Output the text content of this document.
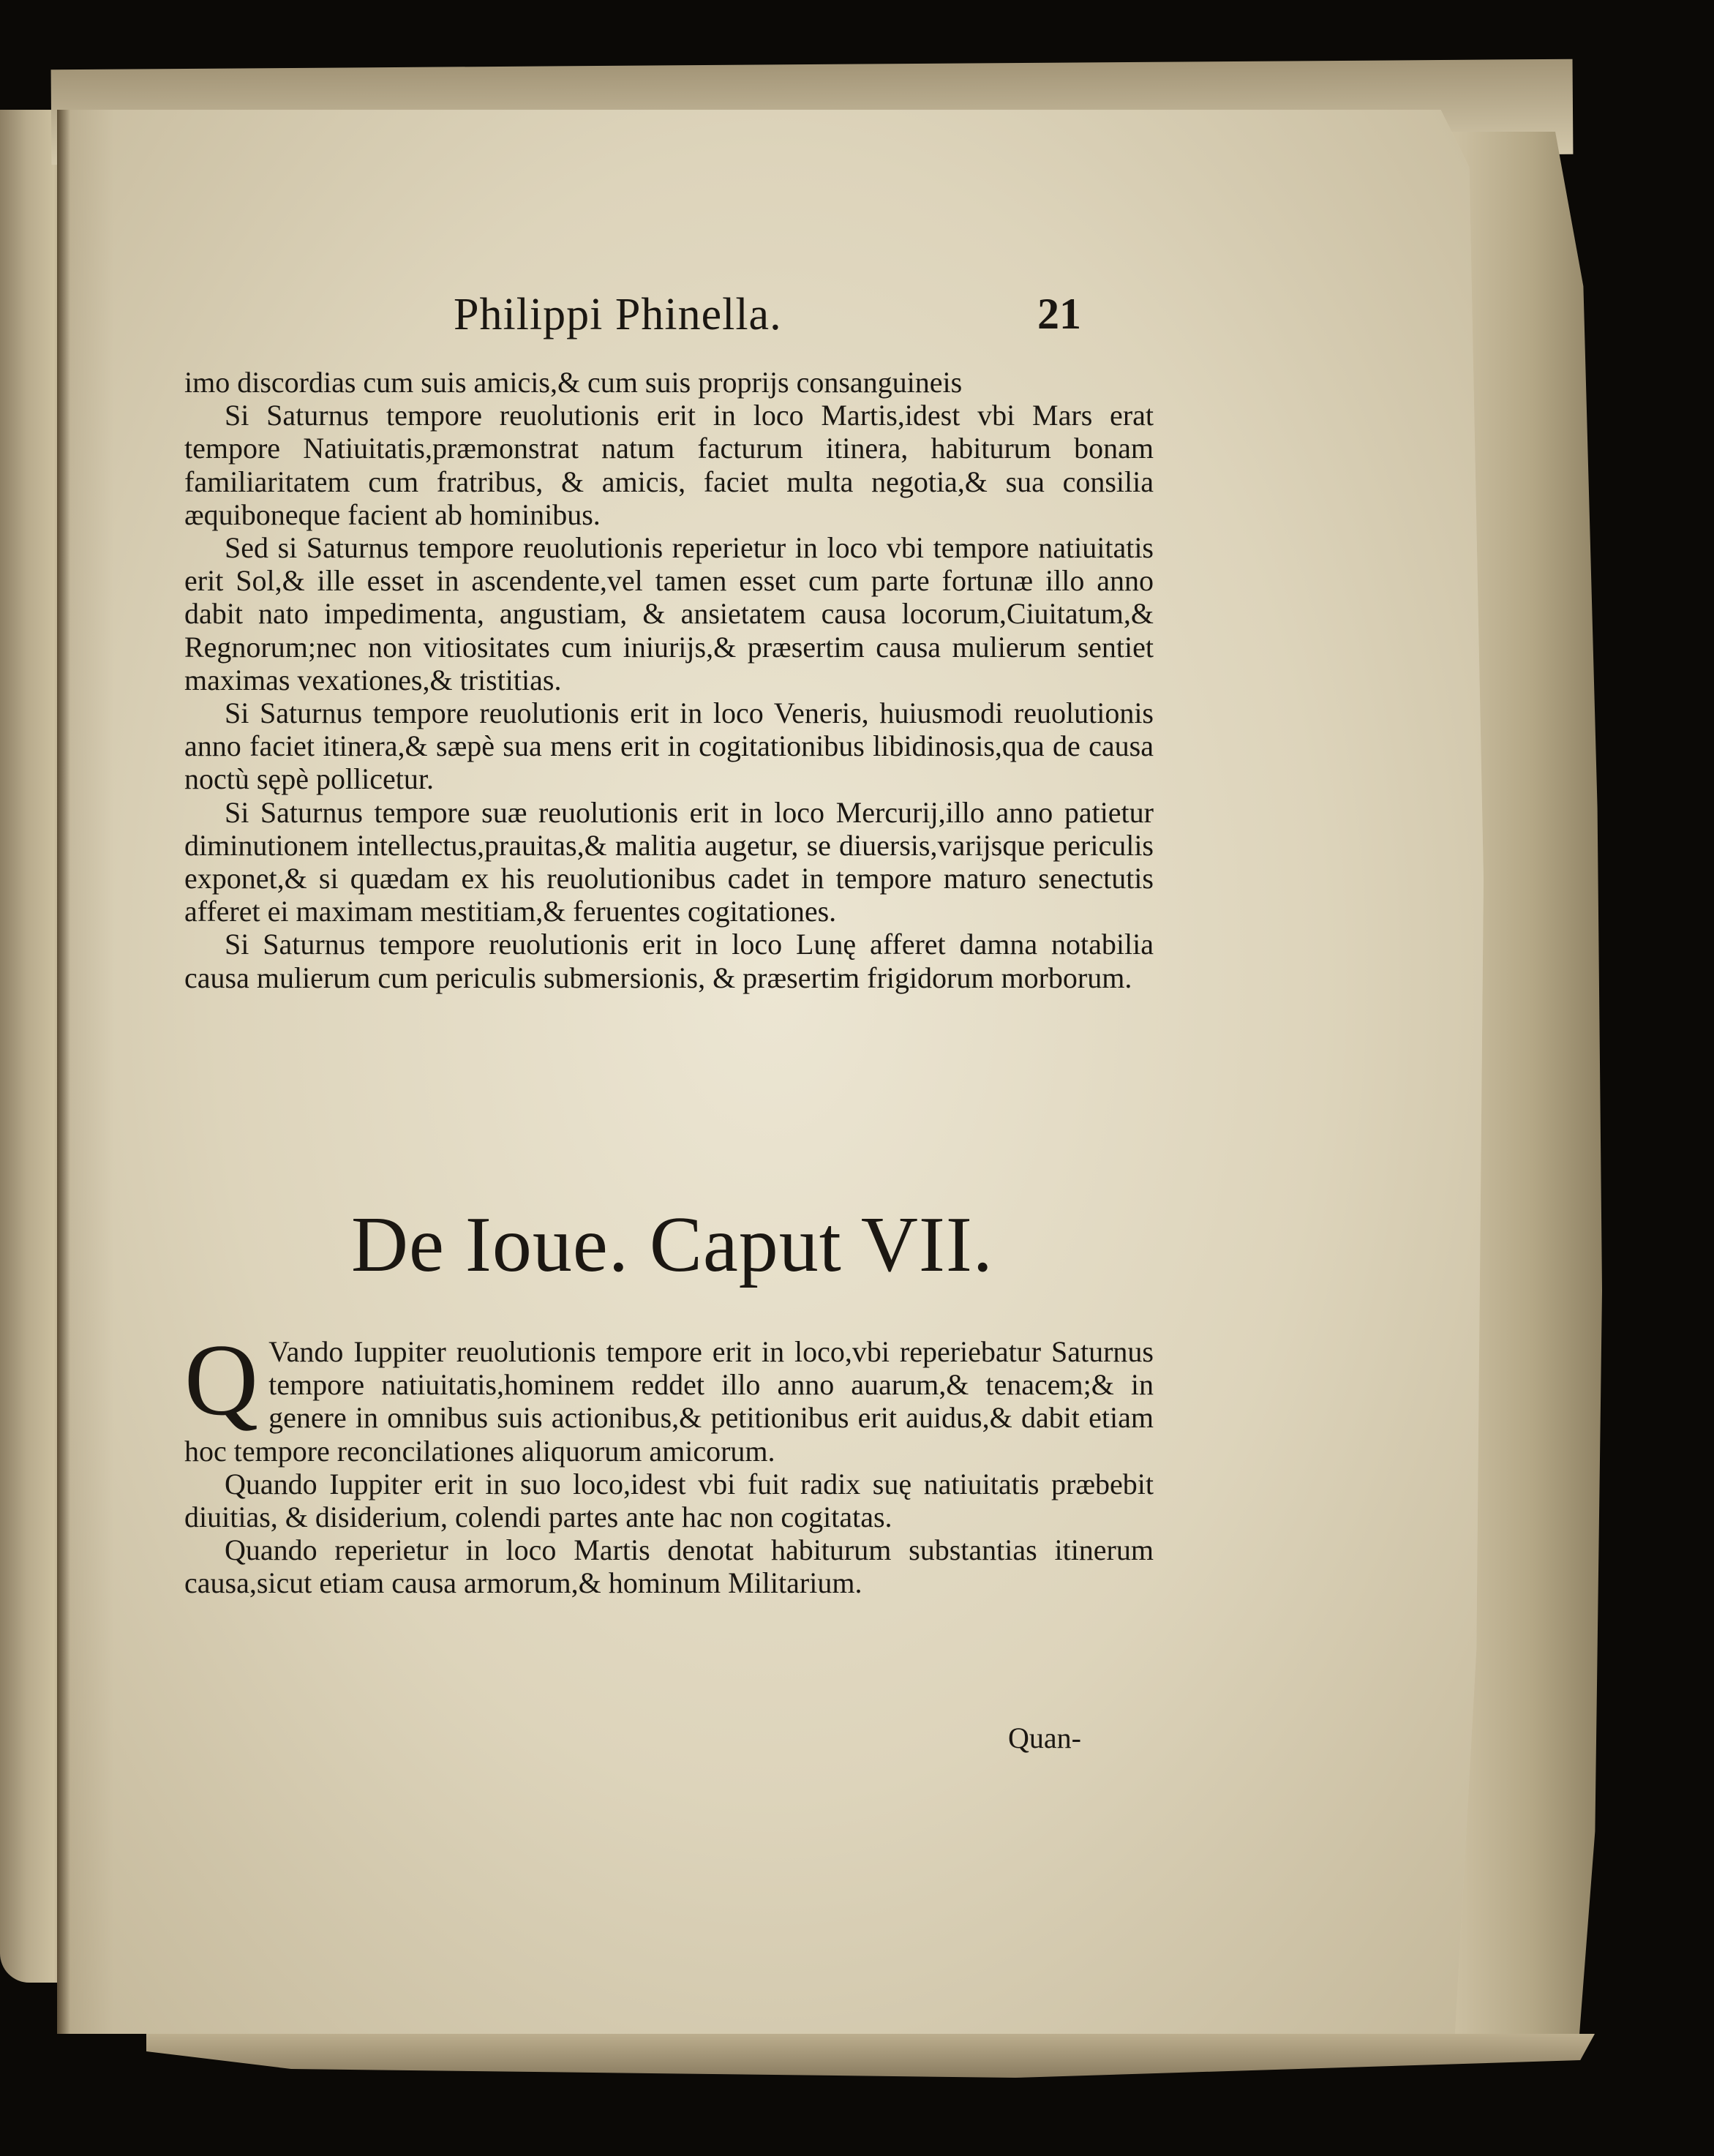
Philippi Phinella.	21

imo discordias cum suis amicis,& cum suis proprijs consanguineis

Si Saturnus tempore reuolutionis erit in loco Martis,idest vbi Mars erat tempore Natiuitatis,præmonstrat natum facturum itinera, habiturum bonam familiaritatem cum fratribus, & amicis, faciet multa negotia,& sua consilia æquiboneque facient ab hominibus.

Sed si Saturnus tempore reuolutionis reperietur in loco vbi tempore natiuitatis erit Sol,& ille esset in ascendente,vel tamen esset cum parte fortunæ illo anno dabit nato impedimenta, angustiam, & ansietatem causa locorum,Ciuitatum,& Regnorum;nec non vitiositates cum iniurijs,& præsertim causa mulierum sentiet maximas vexationes,& tristitias.

Si Saturnus tempore reuolutionis erit in loco Veneris, huiusmodi reuolutionis anno faciet itinera,& sæpè sua mens erit in cogitationibus libidinosis,qua de causa noctù sępè pollicetur.

Si Saturnus tempore suæ reuolutionis erit in loco Mercurij,illo anno patietur diminutionem intellectus,prauitas,& malitia augetur, se diuersis,varijsque periculis exponet,& si quædam ex his reuolutionibus cadet in tempore maturo senectutis afferet ei maximam mestitiam,& feruentes cogitationes.

Si Saturnus tempore reuolutionis erit in loco Lunę afferet damna notabilia causa mulierum cum periculis submersionis, & præsertim frigidorum morborum.

De Ioue. Caput VII.

Q Vando Iuppiter reuolutionis tempore erit in loco,vbi reperiebatur Saturnus tempore natiuitatis,hominem reddet illo anno auarum,& tenacem;& in genere in omnibus suis actionibus,& petitionibus erit auidus,& dabit etiam hoc tempore reconcilationes aliquorum amicorum.

Quando Iuppiter erit in suo loco,idest vbi fuit radix suę natiuitatis præbebit diuitias, & disiderium, colendi partes ante hac non cogitatas.

Quando reperietur in loco Martis denotat habiturum substantias itinerum causa,sicut etiam causa armorum,& hominum Militarium.

Quan-
